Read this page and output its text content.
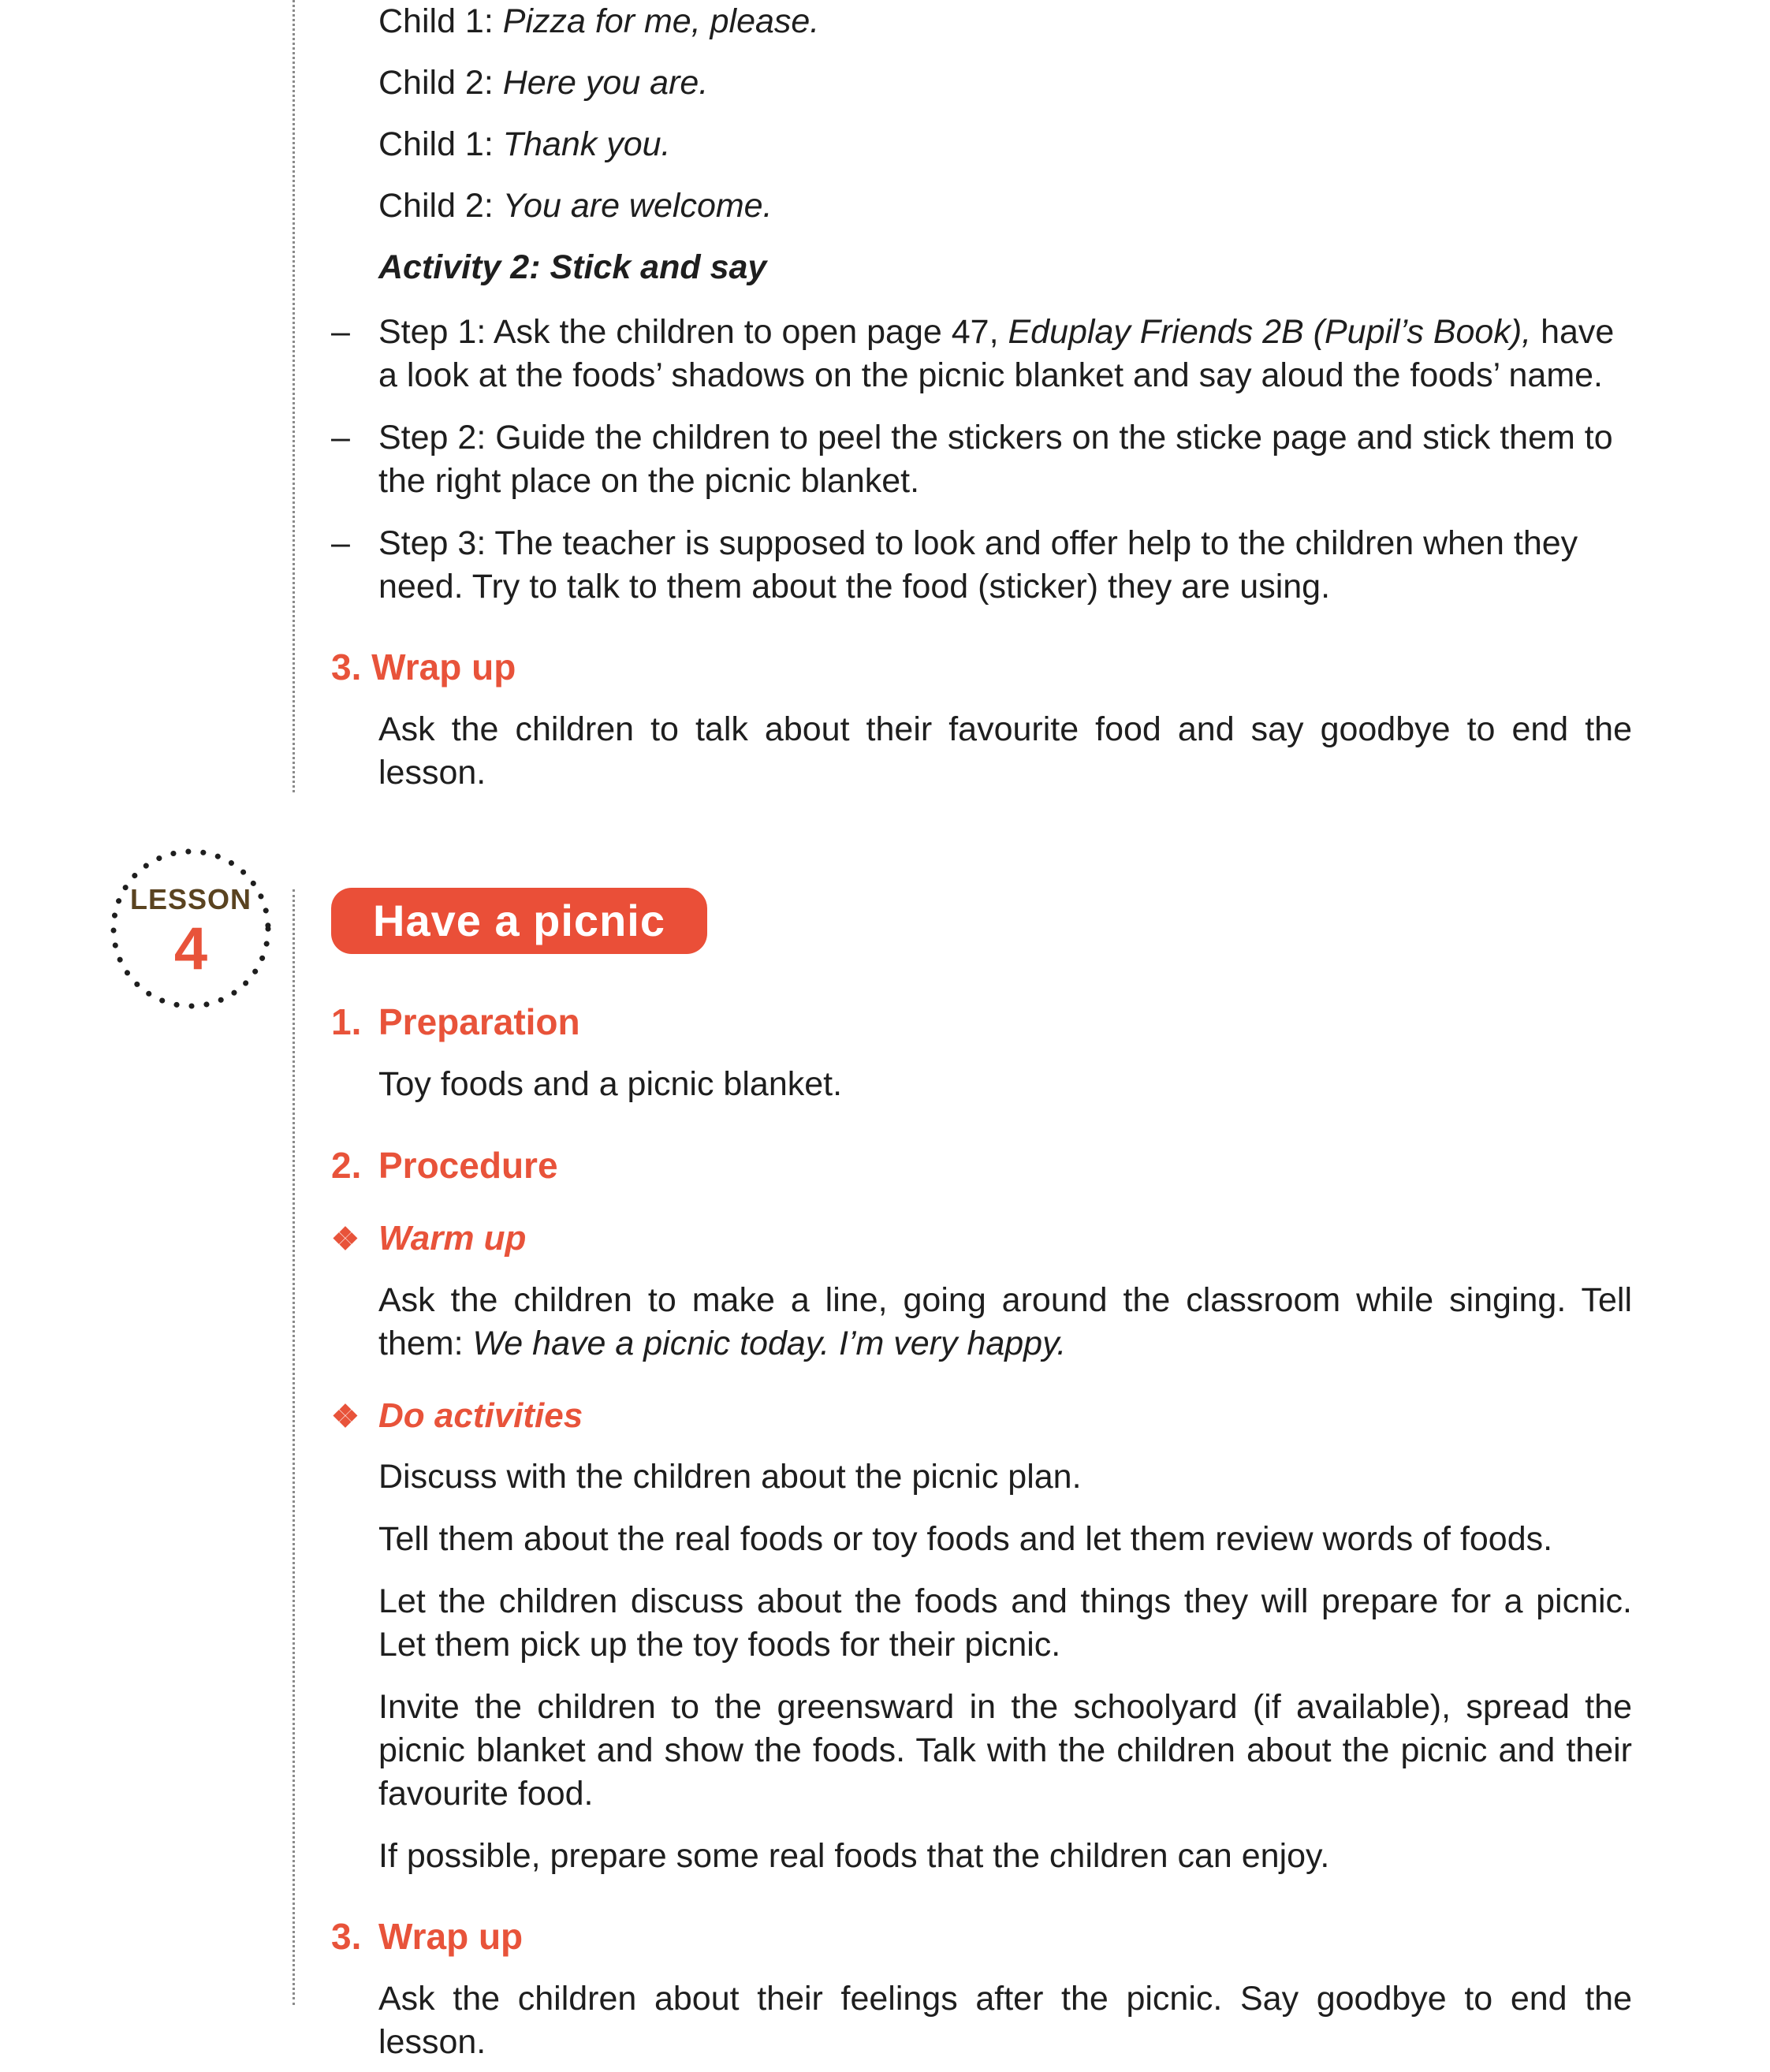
Child 1: Pizza for me, please.

Child 2: Here you are.

Child 1: Thank you.

Child 2: You are welcome.

Activity 2: Stick and say

– Step 1: Ask the children to open page 47, Eduplay Friends 2B (Pupil’s Book), have a look at the foods’ shadows on the picnic blanket and say aloud the foods’ name.

– Step 2: Guide the children to peel the stickers on the sticke page and stick them to the right place on the picnic blanket.

– Step 3: The teacher is supposed to look and offer help to the children when they need. Try to talk to them about the food (sticker) they are using.

3. Wrap up

Ask the children to talk about their favourite food and say goodbye to end the lesson.

LESSON
4	Have a picnic
1. Preparation

Toy foods and a picnic blanket.

2. Procedure
❖ Warm up

Ask the children to make a line, going around the classroom while singing. Tell them: We have a picnic today. I’m very happy.

❖ Do activities

Discuss with the children about the picnic plan.

Tell them about the real foods or toy foods and let them review words of foods.

Let the children discuss about the foods and things they will prepare for a picnic. Let them pick up the toy foods for their picnic.

Invite the children to the greensward in the schoolyard (if available), spread the picnic blanket and show the foods. Talk with the children about the picnic and their favourite food.

If possible, prepare some real foods that the children can enjoy.

3. Wrap up

Ask the children about their feelings after the picnic. Say goodbye to end the lesson.
